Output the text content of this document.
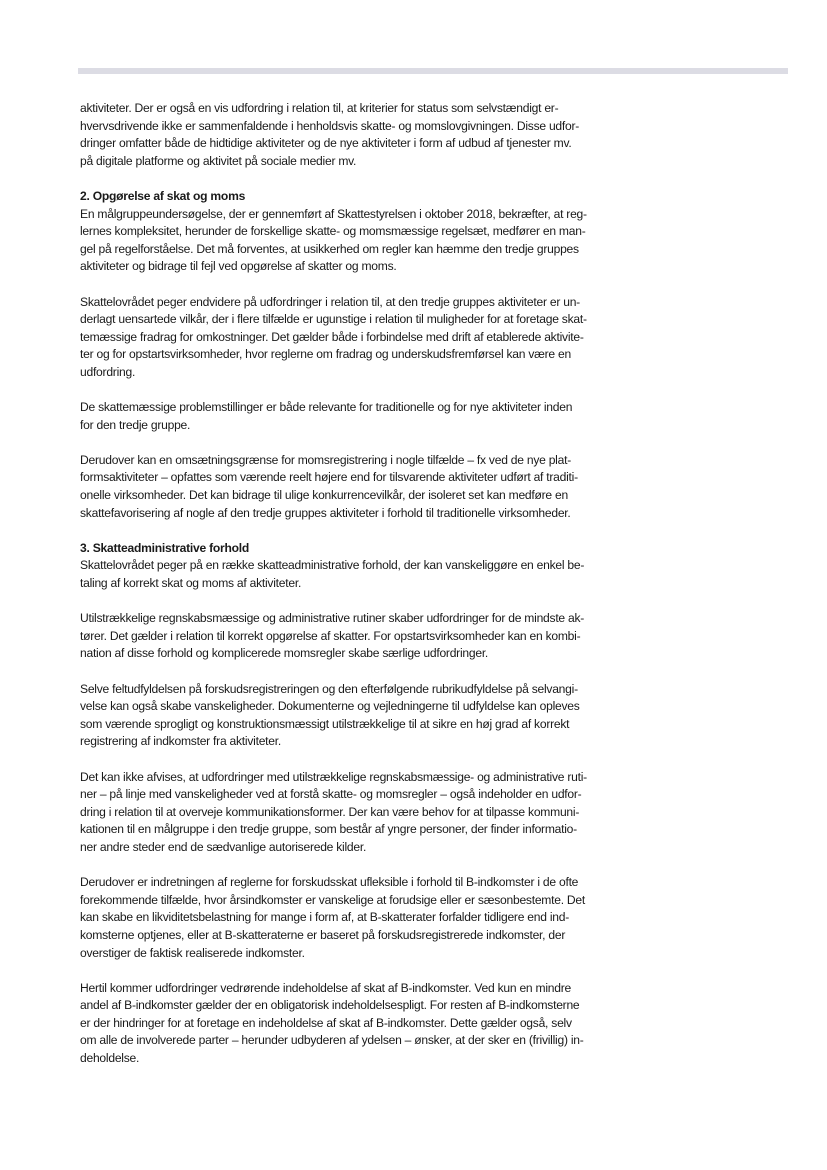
aktiviteter. Der er også en vis udfordring i relation til, at kriterier for status som selvstændigt er-
hvervsdrivende ikke er sammenfaldende i henholdsvis skatte- og momslovgivningen. Disse udfor-
dringer omfatter både de hidtidige aktiviteter og de nye aktiviteter i form af udbud af tjenester mv.
på digitale platforme og aktivitet på sociale medier mv.

2. Opgørelse af skat og moms

En målgruppeundersøgelse, der er gennemført af Skattestyrelsen i oktober 2018, bekræfter, at reg-
lernes kompleksitet, herunder de forskellige skatte- og momsmæssige regelsæt, medfører en man-
gel på regelforståelse. Det må forventes, at usikkerhed om regler kan hæmme den tredje gruppes
aktiviteter og bidrage til fejl ved opgørelse af skatter og moms.

Skattelovrådet peger endvidere på udfordringer i relation til, at den tredje gruppes aktiviteter er un-
derlagt uensartede vilkår, der i flere tilfælde er ugunstige i relation til muligheder for at foretage skat-
temæssige fradrag for omkostninger. Det gælder både i forbindelse med drift af etablerede aktivite-
ter og for opstartsvirksomheder, hvor reglerne om fradrag og underskudsfremførsel kan være en
udfordring.

De skattemæssige problemstillinger er både relevante for traditionelle og for nye aktiviteter inden
for den tredje gruppe.

Derudover kan en omsætningsgrænse for momsregistrering i nogle tilfælde – fx ved de nye plat-
formsaktiviteter – opfattes som værende reelt højere end for tilsvarende aktiviteter udført af traditi-
onelle virksomheder. Det kan bidrage til ulige konkurrencevilkår, der isoleret set kan medføre en
skattefavorisering af nogle af den tredje gruppes aktiviteter i forhold til traditionelle virksomheder.

3. Skatteadministrative forhold

Skattelovrådet peger på en række skatteadministrative forhold, der kan vanskeliggøre en enkel be-
taling af korrekt skat og moms af aktiviteter.

Utilstrækkelige regnskabsmæssige og administrative rutiner skaber udfordringer for de mindste ak-
tører. Det gælder i relation til korrekt opgørelse af skatter. For opstartsvirksomheder kan en kombi-
nation af disse forhold og komplicerede momsregler skabe særlige udfordringer.

Selve feltudfyldelsen på forskudsregistreringen og den efterfølgende rubrikudfyldelse på selvangi-
velse kan også skabe vanskeligheder. Dokumenterne og vejledningerne til udfyldelse kan opleves
som værende sprogligt og konstruktionsmæssigt utilstrækkelige til at sikre en høj grad af korrekt
registrering af indkomster fra aktiviteter.

Det kan ikke afvises, at udfordringer med utilstrækkelige regnskabsmæssige- og administrative ruti-
ner – på linje med vanskeligheder ved at forstå skatte- og momsregler – også indeholder en udfor-
dring i relation til at overveje kommunikationsformer. Der kan være behov for at tilpasse kommuni-
kationen til en målgruppe i den tredje gruppe, som består af yngre personer, der finder informatio-
ner andre steder end de sædvanlige autoriserede kilder.

Derudover er indretningen af reglerne for forskudsskat ufleksible i forhold til B-indkomster i de ofte
forekommende tilfælde, hvor årsindkomster er vanskelige at forudsige eller er sæsonbestemte. Det
kan skabe en likviditetsbelastning for mange i form af, at B-skatterater forfalder tidligere end ind-
komsterne optjenes, eller at B-skatteraterne er baseret på forskudsregistrerede indkomster, der
overstiger de faktisk realiserede indkomster.

Hertil kommer udfordringer vedrørende indeholdelse af skat af B-indkomster. Ved kun en mindre
andel af B-indkomster gælder der en obligatorisk indeholdelsespligt. For resten af B-indkomsterne
er der hindringer for at foretage en indeholdelse af skat af B-indkomster. Dette gælder også, selv
om alle de involverede parter – herunder udbyderen af ydelsen – ønsker, at der sker en (frivillig) in-
deholdelse.
